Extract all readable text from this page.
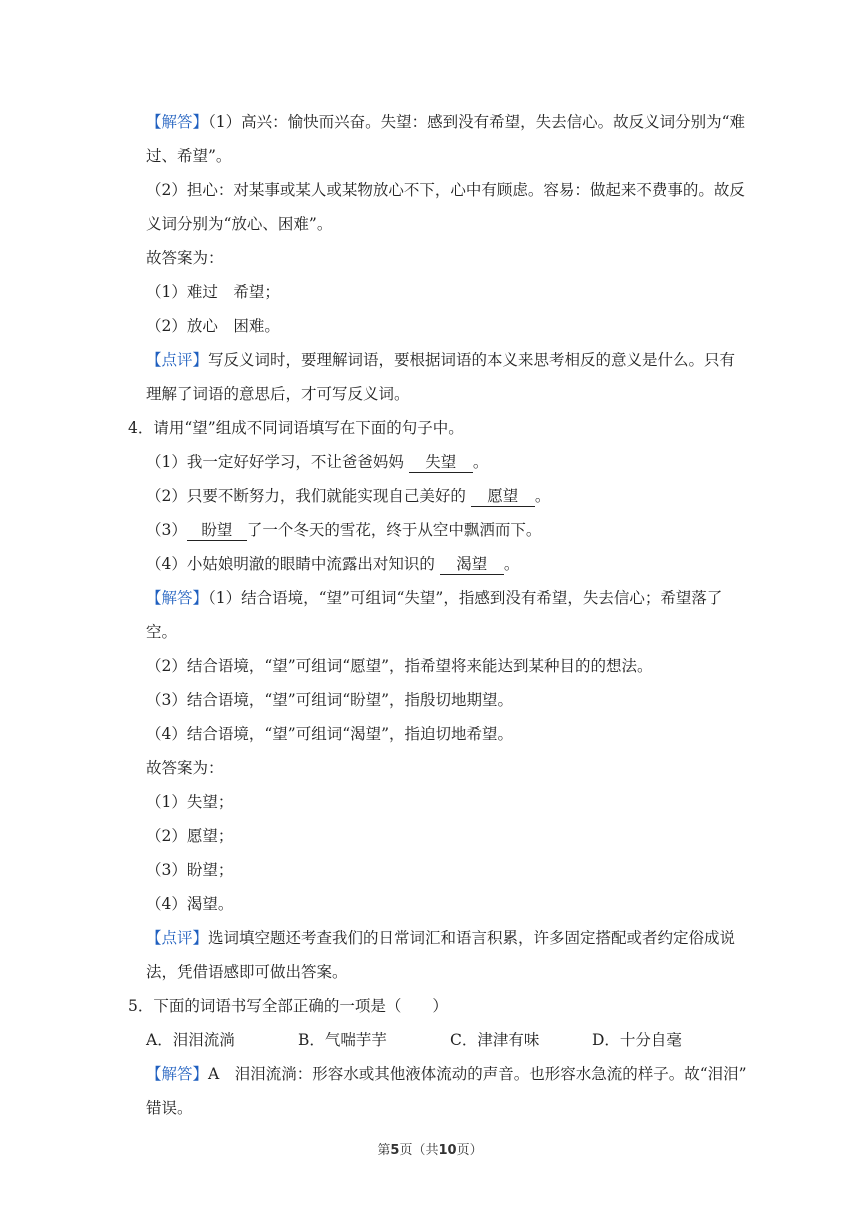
【解答】（1）高兴：愉快而兴奋。失望：感到没有希望，失去信心。故反义词分别为“难
过、希望”。
（2）担心：对某事或某人或某物放心不下，心中有顾虑。容易：做起来不费事的。故反
义词分别为“放心、困难”。
故答案为：
（1）难过　希望；
（2）放心　困难。
【点评】写反义词时，要理解词语，要根据词语的本义来思考相反的意义是什么。只有
理解了词语的意思后，才可写反义词。
4．请用“望”组成不同词语填写在下面的句子中。
（1）我一定好好学习，不让爸爸妈妈 失望 。
（2）只要不断努力，我们就能实现自己美好的 愿望 。
（3） 盼望 了一个冬天的雪花，终于从空中飘洒而下。
（4）小姑娘明澈的眼睛中流露出对知识的 渴望 。
【解答】（1）结合语境，“望”可组词“失望”，指感到没有希望，失去信心；希望落了
空。
（2）结合语境，“望”可组词“愿望”，指希望将来能达到某种目的的想法。
（3）结合语境，“望”可组词“盼望”，指殷切地期望。
（4）结合语境，“望”可组词“渴望”，指迫切地希望。
故答案为：
（1）失望；
（2）愿望；
（3）盼望；
（4）渴望。
【点评】选词填空题还考查我们的日常词汇和语言积累，许多固定搭配或者约定俗成说
法，凭借语感即可做出答案。
5．下面的词语书写全部正确的一项是（　　）
A．泪泪流淌	B．气喘芋芋	C．津津有味	D．十分自毫
【解答】A　泪泪流淌：形容水或其他液体流动的声音。也形容水急流的样子。故“泪泪”
错误。
第5页（共10页）
